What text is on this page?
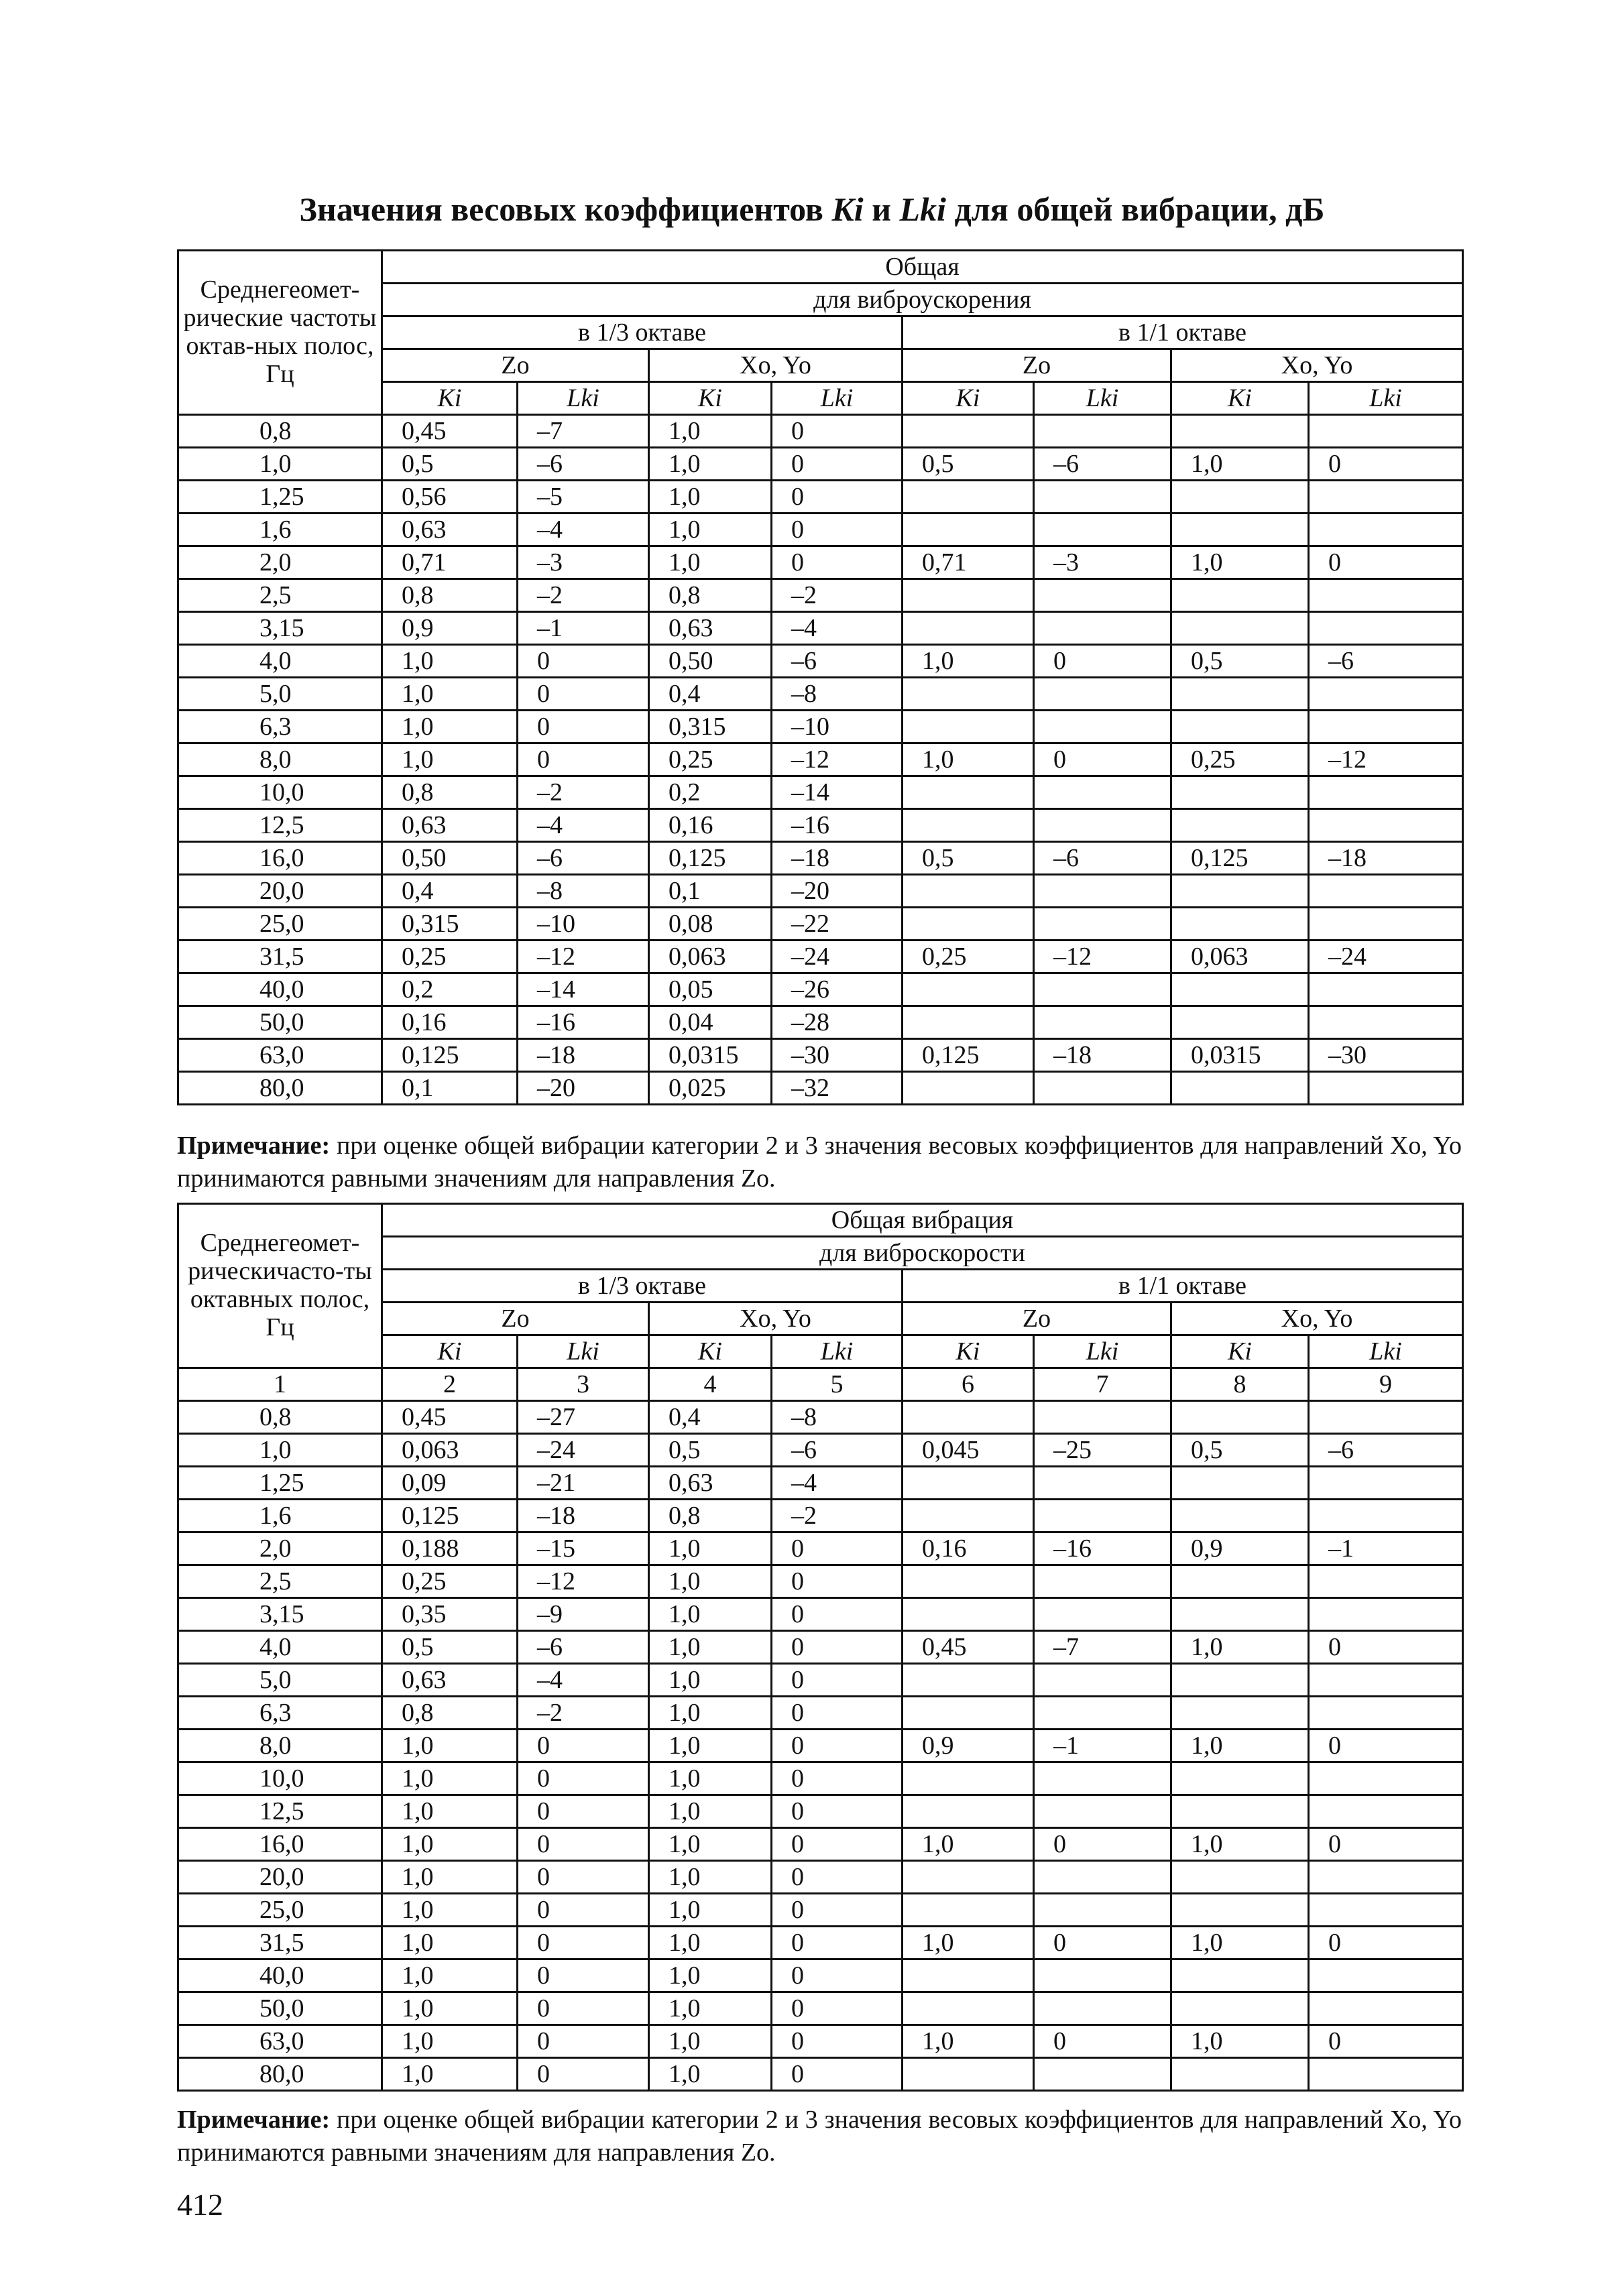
Значения весовых коэффициентов Ki и Lki для общей вибрации, дБ
Среднегеомет-рические частоты октав-ных полос, Гц	Общая							
	для виброускорения							
	в 1/3 октаве				в 1/1 октаве			
	Zo		Xo, Yo		Zo		Xo, Yo	
	Ki	Lki	Ki	Lki	Ki	Lki	Ki	Lki
0,8	0,45	–7	1,0	0				
1,0	0,5	–6	1,0	0	0,5	–6	1,0	0
1,25	0,56	–5	1,0	0				
1,6	0,63	–4	1,0	0				
2,0	0,71	–3	1,0	0	0,71	–3	1,0	0
2,5	0,8	–2	0,8	–2				
3,15	0,9	–1	0,63	–4				
4,0	1,0	0	0,50	–6	1,0	0	0,5	–6
5,0	1,0	0	0,4	–8				
6,3	1,0	0	0,315	–10				
8,0	1,0	0	0,25	–12	1,0	0	0,25	–12
10,0	0,8	–2	0,2	–14				
12,5	0,63	–4	0,16	–16				
16,0	0,50	–6	0,125	–18	0,5	–6	0,125	–18
20,0	0,4	–8	0,1	–20				
25,0	0,315	–10	0,08	–22				
31,5	0,25	–12	0,063	–24	0,25	–12	0,063	–24
40,0	0,2	–14	0,05	–26				
50,0	0,16	–16	0,04	–28				
63,0	0,125	–18	0,0315	–30	0,125	–18	0,0315	–30
80,0	0,1	–20	0,025	–32				
Примечание: при оценке общей вибрации категории 2 и 3 значения весовых коэффициентов для направлений Xo, Yo принимаются равными значениям для направления Zo.
Среднегеомет-рическичасто-ты октавных полос, Гц	Общая вибрация							
	для виброскорости							
	в 1/3 октаве				в 1/1 октаве			
	Zo		Xo, Yo		Zo		Xo, Yo	
	Ki	Lki	Ki	Lki	Ki	Lki	Ki	Lki
1	2	3	4	5	6	7	8	9
0,8	0,45	–27	0,4	–8				
1,0	0,063	–24	0,5	–6	0,045	–25	0,5	–6
1,25	0,09	–21	0,63	–4				
1,6	0,125	–18	0,8	–2				
2,0	0,188	–15	1,0	0	0,16	–16	0,9	–1
2,5	0,25	–12	1,0	0				
3,15	0,35	–9	1,0	0				
4,0	0,5	–6	1,0	0	0,45	–7	1,0	0
5,0	0,63	–4	1,0	0				
6,3	0,8	–2	1,0	0				
8,0	1,0	0	1,0	0	0,9	–1	1,0	0
10,0	1,0	0	1,0	0				
12,5	1,0	0	1,0	0				
16,0	1,0	0	1,0	0	1,0	0	1,0	0
20,0	1,0	0	1,0	0				
25,0	1,0	0	1,0	0				
31,5	1,0	0	1,0	0	1,0	0	1,0	0
40,0	1,0	0	1,0	0				
50,0	1,0	0	1,0	0				
63,0	1,0	0	1,0	0	1,0	0	1,0	0
80,0	1,0	0	1,0	0				
Примечание: при оценке общей вибрации категории 2 и 3 значения весовых коэффициентов для направлений Xo, Yo принимаются равными значениям для направления Zo.
412
